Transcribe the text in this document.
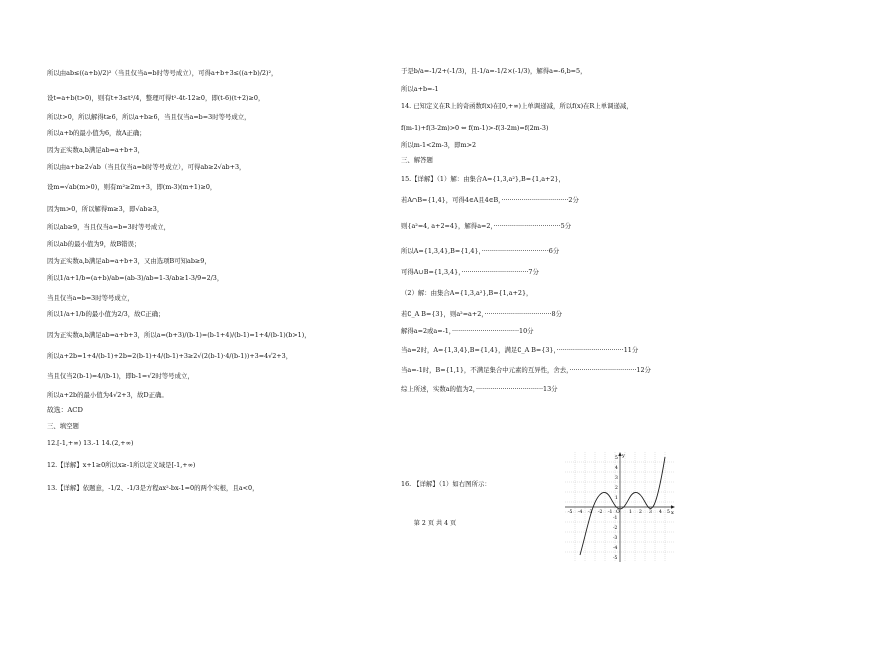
所以由ab≤((a+b)/2)²（当且仅当a=b时等号成立），可得a+b+3≤((a+b)/2)²，
设t=a+b(t>0)，则有t+3≤t²/4，整理可得t²-4t-12≥0，即(t-6)(t+2)≥0，
所以t>0，所以解得t≥6，所以a+b≥6，当且仅当a=b=3时等号成立，
所以a+b的最小值为6，故A正确；
因为正实数a,b满足ab=a+b+3，
所以由a+b≥2√ab（当且仅当a=b时等号成立），可得ab≥2√ab+3，
设m=√ab(m>0)，则有m²≥2m+3，即(m-3)(m+1)≥0，
因为m>0，所以解得m≥3，即√ab≥3，
所以ab≥9，当且仅当a=b=3时等号成立，
所以ab的最小值为9，故B错误；
因为正实数a,b满足ab=a+b+3，又由选项B可知ab≥9，
所以1/a+1/b=(a+b)/ab=(ab-3)/ab=1-3/ab≥1-3/9=2/3，
当且仅当a=b=3时等号成立，
所以1/a+1/b的最小值为2/3，故C正确；
因为正实数a,b满足ab=a+b+3，所以a=(b+3)/(b-1)=(b-1+4)/(b-1)=1+4/(b-1)(b>1)，
所以a+2b=1+4/(b-1)+2b=2(b-1)+4/(b-1)+3≥2√(2(b-1)·4/(b-1))+3=4√2+3，
当且仅当2(b-1)=4/(b-1)，即b-1=√2时等号成立，
所以a+2b的最小值为4√2+3，故D正确。
故选：ACD
三、填空题
12.[-1,+∞) 13.-1 14.(2,+∞)
12.【详解】x+1≥0所以x≥-1所以定义域是[-1,+∞)
13.【详解】依题意，-1/2、-1/3是方程ax²-bx-1=0的两个实根，且a<0，
于是b/a=-1/2+(-1/3)，且-1/a=-1/2×(-1/3)，解得a=-6,b=5，
所以a+b=-1
14. 已知定义在R上的奇函数f(x)在[0,+∞)上单调递减，所以f(x)在R上单调递减，
f(m-1)+f(3-2m)>0 ⇔ f(m-1)>-f(3-2m)=f(2m-3)
所以m-1<2m-3，即m>2
三、解答题
15.【详解】（1）解：由集合A={1,3,a²},B={1,a+2}，
若A∩B={1,4}，可得4∈A且4∈B，·································2分
则{a²=4, a+2=4}，解得a=2，·································5分
所以A={1,3,4},B={1,4}，·································6分
可得A∪B={1,3,4}，·································7分
（2）解：由集合A={1,3,a²},B={1,a+2}，
若∁_A B={3}，则a²=a+2，·································8分
解得a=2或a=-1，·································10分
当a=2时，A={1,3,4},B={1,4}，满足∁_A B={3}，·································11分
当a=-1时，B={1,1}，不满足集合中元素的互异性，舍去，·································12分
综上所述，实数a的值为2，·································13分
16. 【详解】（1）如右图所示：
x
y
O
-5 -4 -3 -2 -1	1 2 3 4 5
5
4
3
2
1
-1
-2
-3
-4
-5
第 2 页 共 4 页
